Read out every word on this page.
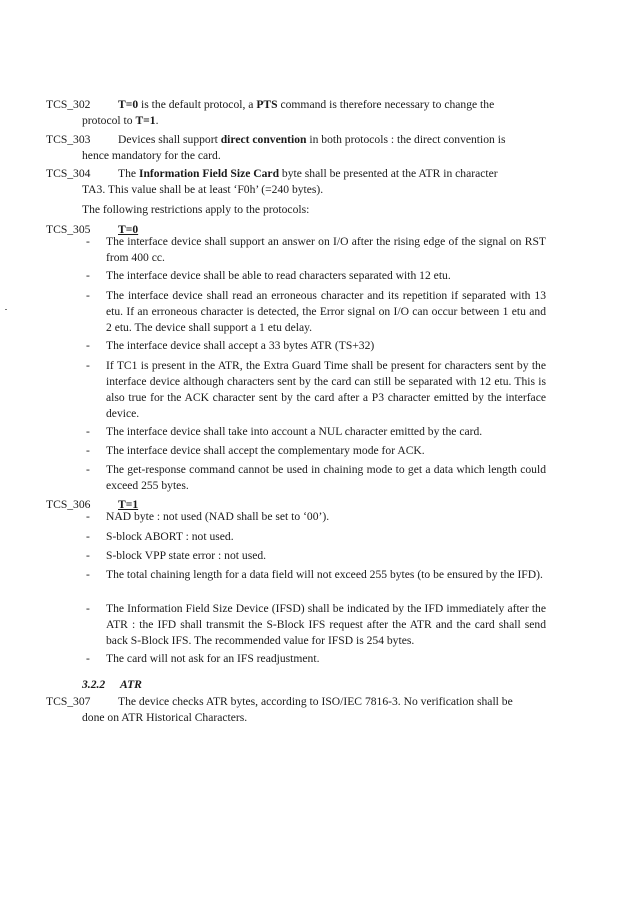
TCS_302	T=0 is the default protocol, a PTS command is therefore necessary to change the
protocol to T=1.
TCS_303	Devices shall support direct convention in both protocols : the direct convention is
hence mandatory for the card.
TCS_304	The Information Field Size Card byte shall be presented at the ATR in character
TA3. This value shall be at least ‘F0h’ (=240 bytes).
The following restrictions apply to the protocols:
TCS_305 T=0
-	The interface device shall support an answer on I/O after the rising edge of the signal on RST from 400 cc.
-	The interface device shall be able to read characters separated with 12 etu.
-	The interface device shall read an erroneous character and its repetition if separated with 13 etu. If an erroneous character is detected, the Error signal on I/O can occur between 1 etu and 2 etu. The device shall support a 1 etu delay.
-	The interface device shall accept a 33 bytes ATR (TS+32)
-	If TC1 is present in the ATR, the Extra Guard Time shall be present for characters sent by the interface device although characters sent by the card can still be separated with 12 etu. This is also true for the ACK character sent by the card after a P3 character emitted by the interface device.
-	The interface device shall take into account a NUL character emitted by the card.
-	The interface device shall accept the complementary mode for ACK.
-	The get-response command cannot be used in chaining mode to get a data which length could exceed 255 bytes.
TCS_306 T=1
-	NAD byte : not used (NAD shall be set to ‘00’).
-	S-block ABORT : not used.
-	S-block VPP state error : not used.
-	The total chaining length for a data field will not exceed 255 bytes (to be ensured by the IFD).
-	The Information Field Size Device (IFSD) shall be indicated by the IFD immediately after the ATR : the IFD shall transmit the S-Block IFS request after the ATR and the card shall send back S-Block IFS. The recommended value for IFSD is 254 bytes.
-	The card will not ask for an IFS readjustment.
3.2.2 ATR
TCS_307	The device checks ATR bytes, according to ISO/IEC 7816-3. No verification shall be
done on ATR Historical Characters.
